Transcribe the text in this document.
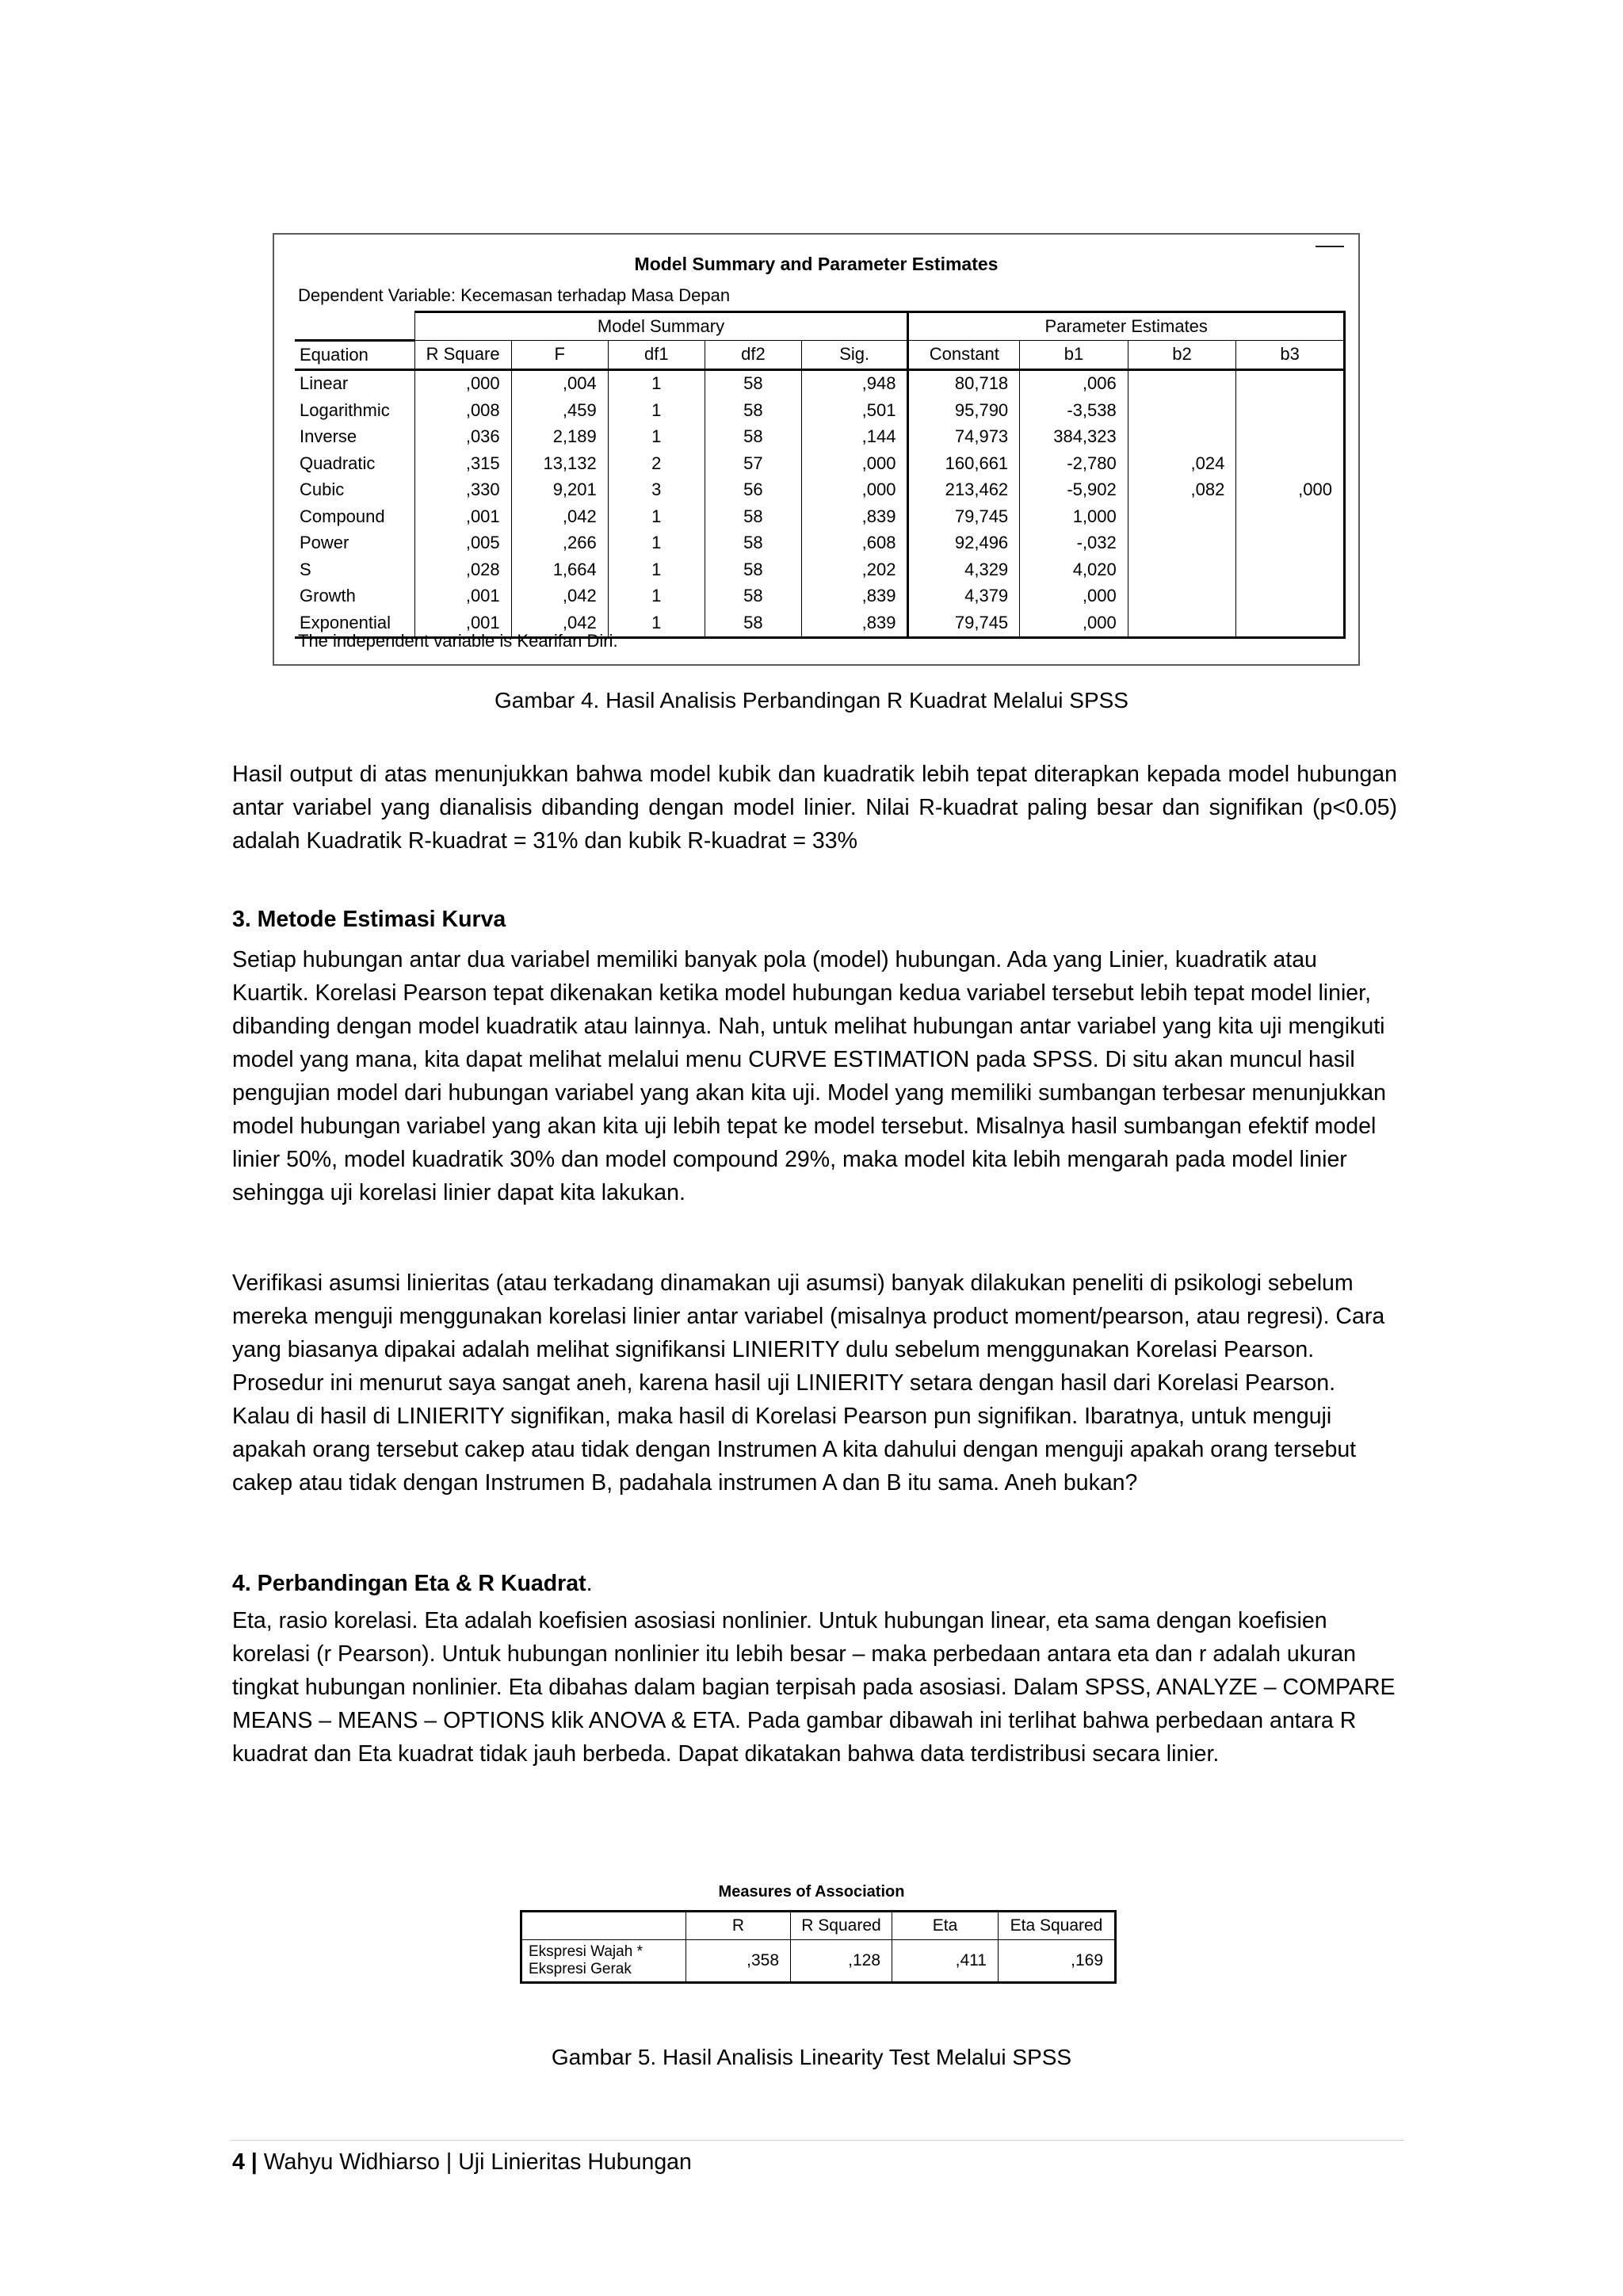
Model Summary and Parameter Estimates
Dependent Variable: Kecemasan terhadap Masa Depan
	Model Summary					Parameter Estimates			
Equation	R Square	F	df1	df2	Sig.	Constant	b1	b2	b3
Linear	,000	,004	1	58	,948	80,718	,006		
Logarithmic	,008	,459	1	58	,501	95,790	-3,538		
Inverse	,036	2,189	1	58	,144	74,973	384,323		
Quadratic	,315	13,132	2	57	,000	160,661	-2,780	,024	
Cubic	,330	9,201	3	56	,000	213,462	-5,902	,082	,000
Compound	,001	,042	1	58	,839	79,745	1,000		
Power	,005	,266	1	58	,608	92,496	-,032		
S	,028	1,664	1	58	,202	4,329	4,020		
Growth	,001	,042	1	58	,839	4,379	,000		
Exponential	,001	,042	1	58	,839	79,745	,000		
The independent variable is Kearifan Diri.
Gambar 4. Hasil Analisis Perbandingan R Kuadrat Melalui SPSS
Hasil output di atas menunjukkan bahwa model kubik dan kuadratik lebih tepat diterapkan kepada model hubungan antar variabel yang dianalisis dibanding dengan model linier. Nilai R-kuadrat paling besar dan signifikan (p<0.05) adalah Kuadratik R-kuadrat = 31% dan kubik R-kuadrat = 33%
3. Metode Estimasi Kurva
Setiap hubungan antar dua variabel memiliki banyak pola (model) hubungan. Ada yang Linier, kuadratik atau Kuartik. Korelasi Pearson tepat dikenakan ketika model hubungan kedua variabel tersebut lebih tepat model linier, dibanding dengan model kuadratik atau lainnya. Nah, untuk melihat hubungan antar variabel yang kita uji mengikuti model yang mana, kita dapat melihat melalui menu CURVE ESTIMATION pada SPSS. Di situ akan muncul hasil pengujian model dari hubungan variabel yang akan kita uji. Model yang memiliki sumbangan terbesar menunjukkan model hubungan variabel yang akan kita uji lebih tepat ke model tersebut. Misalnya hasil sumbangan efektif model linier 50%, model kuadratik 30% dan model compound 29%, maka model kita lebih mengarah pada model linier sehingga uji korelasi linier dapat kita lakukan.
Verifikasi asumsi linieritas (atau terkadang dinamakan uji asumsi) banyak dilakukan peneliti di psikologi sebelum mereka menguji menggunakan korelasi linier antar variabel (misalnya product moment/pearson, atau regresi). Cara yang biasanya dipakai adalah melihat signifikansi LINIERITY dulu sebelum menggunakan Korelasi Pearson. Prosedur ini menurut saya sangat aneh, karena hasil uji LINIERITY setara dengan hasil dari Korelasi Pearson. Kalau di hasil di LINIERITY signifikan, maka hasil di Korelasi Pearson pun signifikan. Ibaratnya, untuk menguji apakah orang tersebut cakep atau tidak dengan Instrumen A kita dahului dengan menguji apakah orang tersebut cakep atau tidak dengan Instrumen B, padahala instrumen A dan B itu sama. Aneh bukan?
4. Perbandingan Eta & R Kuadrat.
Eta, rasio korelasi. Eta adalah koefisien asosiasi nonlinier. Untuk hubungan linear, eta sama dengan koefisien korelasi (r Pearson). Untuk hubungan nonlinier itu lebih besar – maka perbedaan antara eta dan r adalah ukuran tingkat hubungan nonlinier. Eta dibahas dalam bagian terpisah pada asosiasi. Dalam SPSS, ANALYZE – COMPARE MEANS – MEANS – OPTIONS klik ANOVA & ETA. Pada gambar dibawah ini terlihat bahwa perbedaan antara R kuadrat dan Eta kuadrat tidak jauh berbeda. Dapat dikatakan bahwa data terdistribusi secara linier.
Measures of Association
	R	R Squared	Eta	Eta Squared

Ekspresi Wajah *
Ekspresi Gerak	,358	,128	,411	,169
Gambar 5. Hasil Analisis Linearity Test Melalui SPSS
4 | Wahyu Widhiarso | Uji Linieritas Hubungan
